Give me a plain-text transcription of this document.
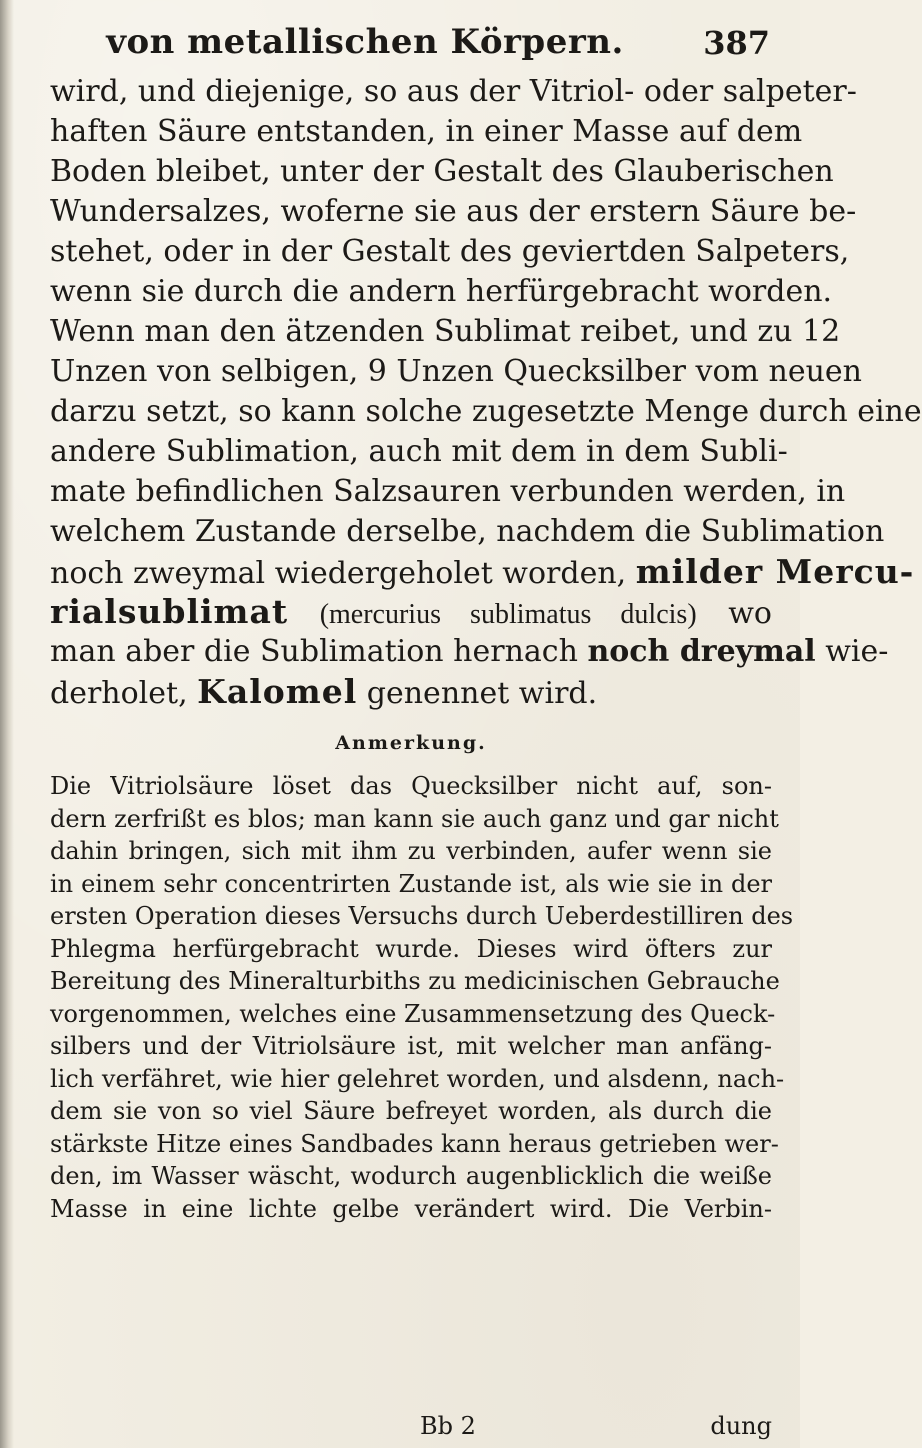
von metallischen Körpern.	387
wird, und diejenige, so aus der Vitriol- oder salpeter-
haften Säure entstanden, in einer Masse auf dem
Boden bleibet, unter der Gestalt des Glauberischen
Wundersalzes, woferne sie aus der erstern Säure be-
stehet, oder in der Gestalt des geviertden Salpeters,
wenn sie durch die andern herfürgebracht worden.
Wenn man den ätzenden Sublimat reibet, und zu 12
Unzen von selbigen, 9 Unzen Quecksilber vom neuen
darzu setzt, so kann solche zugesetzte Menge durch eine
andere Sublimation, auch mit dem in dem Subli-
mate befindlichen Salzsauren verbunden werden, in
welchem Zustande derselbe, nachdem die Sublimation
noch zweymal wiedergeholet worden, milder Mercu-
rialsublimat (mercurius sublimatus dulcis) wo
man aber die Sublimation hernach noch dreymal wie-
derholet, Kalomel genennet wird.
Anmerkung.
Die Vitriolsäure löset das Quecksilber nicht auf, son-
dern zerfrißt es blos; man kann sie auch ganz und gar nicht
dahin bringen, sich mit ihm zu verbinden, aufer wenn sie
in einem sehr concentrirten Zustande ist, als wie sie in der
ersten Operation dieses Versuchs durch Ueberdestilliren des
Phlegma herfürgebracht wurde. Dieses wird öfters zur
Bereitung des Mineralturbiths zu medicinischen Gebrauche
vorgenommen, welches eine Zusammensetzung des Queck-
silbers und der Vitriolsäure ist, mit welcher man anfäng-
lich verfähret, wie hier gelehret worden, und alsdenn, nach-
dem sie von so viel Säure befreyet worden, als durch die
stärkste Hitze eines Sandbades kann heraus getrieben wer-
den, im Wasser wäscht, wodurch augenblicklich die weiße
Masse in eine lichte gelbe verändert wird. Die Verbin-
Bb 2	dung
